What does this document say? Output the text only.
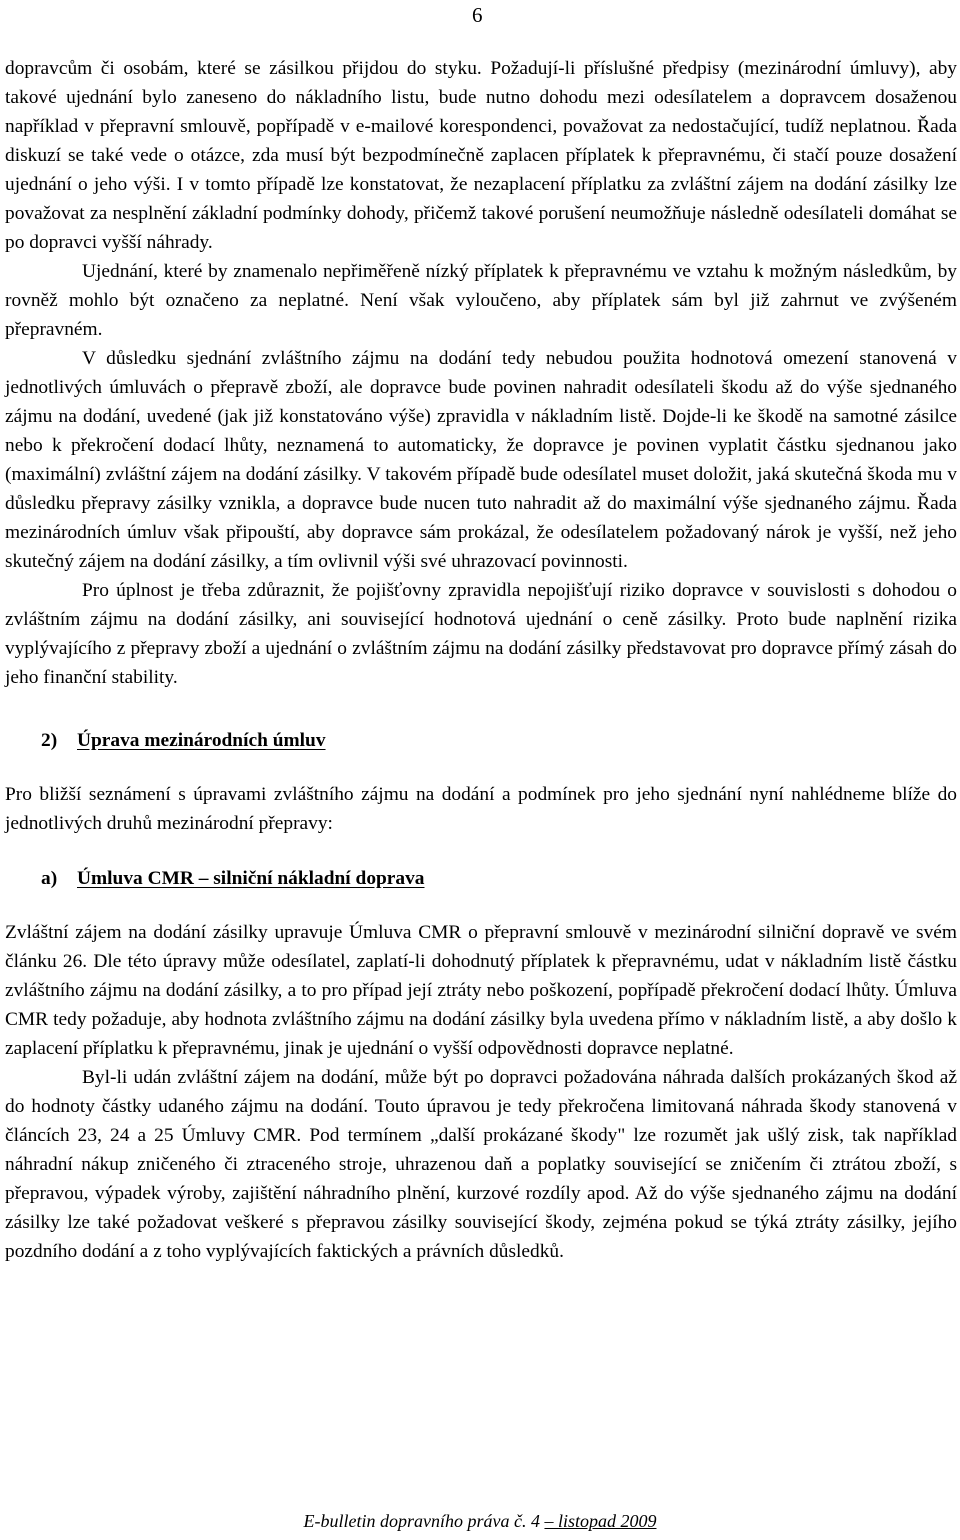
6

dopravcům či osobám, které se zásilkou přijdou do styku. Požadují-li příslušné předpisy (mezinárodní úmluvy), aby takové ujednání bylo zaneseno do nákladního listu, bude nutno dohodu mezi odesílatelem a dopravcem dosaženou například v přepravní smlouvě, popřípadě v e-mailové korespondenci, považovat za nedostačující, tudíž neplatnou. Řada diskuzí se také vede o otázce, zda musí být bezpodmínečně zaplacen příplatek k přepravnému, či stačí pouze dosažení ujednání o jeho výši. I v tomto případě lze konstatovat, že nezaplacení příplatku za zvláštní zájem na dodání zásilky lze považovat za nesplnění základní podmínky dohody, přičemž takové porušení neumožňuje následně odesílateli domáhat se po dopravci vyšší náhrady.

Ujednání, které by znamenalo nepřiměřeně nízký příplatek k přepravnému ve vztahu k možným následkům, by rovněž mohlo být označeno za neplatné. Není však vyloučeno, aby příplatek sám byl již zahrnut ve zvýšeném přepravném.

V důsledku sjednání zvláštního zájmu na dodání tedy nebudou použita hodnotová omezení stanovená v jednotlivých úmluvách o přepravě zboží, ale dopravce bude povinen nahradit odesílateli škodu až do výše sjednaného zájmu na dodání, uvedené (jak již konstatováno výše) zpravidla v nákladním listě. Dojde-li ke škodě na samotné zásilce nebo k překročení dodací lhůty, neznamená to automaticky, že dopravce je povinen vyplatit částku sjednanou jako (maximální) zvláštní zájem na dodání zásilky. V takovém případě bude odesílatel muset doložit, jaká skutečná škoda mu v důsledku přepravy zásilky vznikla, a dopravce bude nucen tuto nahradit až do maximální výše sjednaného zájmu. Řada mezinárodních úmluv však připouští, aby dopravce sám prokázal, že odesílatelem požadovaný nárok je vyšší, než jeho skutečný zájem na dodání zásilky, a tím ovlivnil výši své uhrazovací povinnosti.

Pro úplnost je třeba zdůraznit, že pojišťovny zpravidla nepojišťují riziko dopravce v souvislosti s dohodou o zvláštním zájmu na dodání zásilky, ani související hodnotová ujednání o ceně zásilky. Proto bude naplnění rizika vyplývajícího z přepravy zboží a ujednání o zvláštním zájmu na dodání zásilky představovat pro dopravce přímý zásah do jeho finanční stability.

2) Úprava mezinárodních úmluv

Pro bližší seznámení s úpravami zvláštního zájmu na dodání a podmínek pro jeho sjednání nyní nahlédneme blíže do jednotlivých druhů mezinárodní přepravy:

a) Úmluva CMR – silniční nákladní doprava

Zvláštní zájem na dodání zásilky upravuje Úmluva CMR o přepravní smlouvě v mezinárodní silniční dopravě ve svém článku 26. Dle této úpravy může odesílatel, zaplatí-li dohodnutý příplatek k přepravnému, udat v nákladním listě částku zvláštního zájmu na dodání zásilky, a to pro případ její ztráty nebo poškození, popřípadě překročení dodací lhůty. Úmluva CMR tedy požaduje, aby hodnota zvláštního zájmu na dodání zásilky byla uvedena přímo v nákladním listě, a aby došlo k zaplacení příplatku k přepravnému, jinak je ujednání o vyšší odpovědnosti dopravce neplatné.

Byl-li udán zvláštní zájem na dodání, může být po dopravci požadována náhrada dalších prokázaných škod až do hodnoty částky udaného zájmu na dodání. Touto úpravou je tedy překročena limitovaná náhrada škody stanovená v článcích 23, 24 a 25 Úmluvy CMR. Pod termínem „další prokázané škody" lze rozumět jak ušlý zisk, tak například náhradní nákup zničeného či ztraceného stroje, uhrazenou daň a poplatky související se zničením či ztrátou zboží, s přepravou, výpadek výroby, zajištění náhradního plnění, kurzové rozdíly apod. Až do výše sjednaného zájmu na dodání zásilky lze také požadovat veškeré s přepravou zásilky související škody, zejména pokud se týká ztráty zásilky, jejího pozdního dodání a z toho vyplývajících faktických a právních důsledků.

E-bulletin dopravního práva č. 4 – listopad 2009
